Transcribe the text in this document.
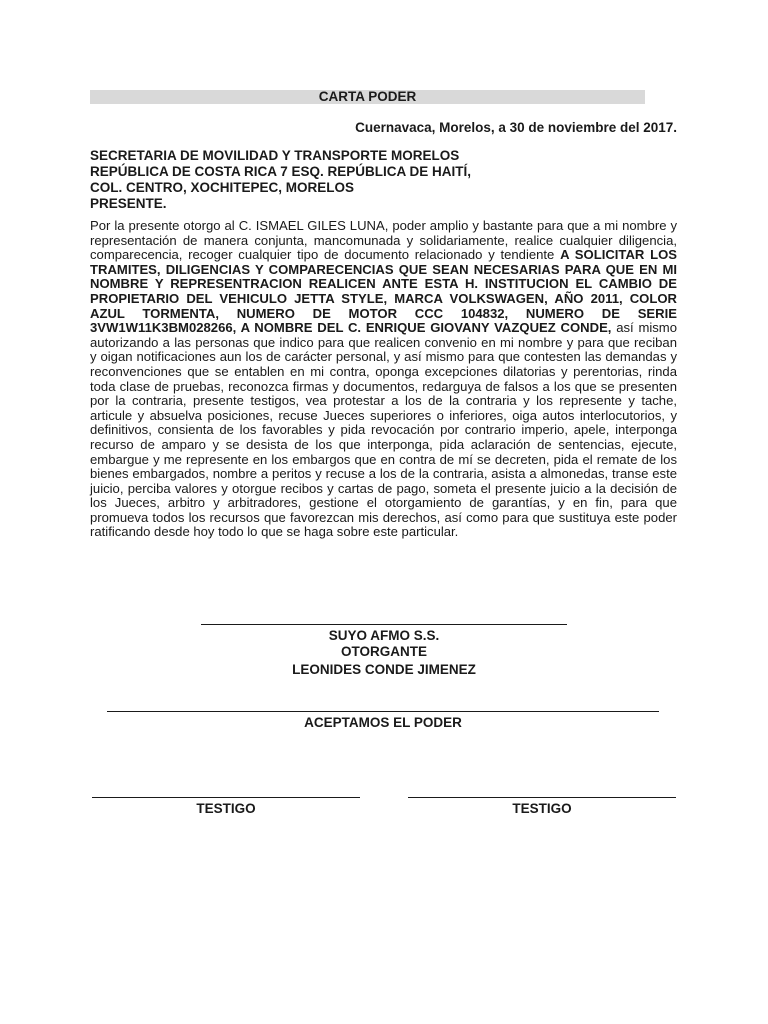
CARTA PODER
Cuernavaca, Morelos, a 30 de noviembre del 2017.
SECRETARIA DE MOVILIDAD Y TRANSPORTE MORELOS
REPÚBLICA DE COSTA RICA 7 ESQ. REPÚBLICA DE HAITÍ,
COL. CENTRO, XOCHITEPEC, MORELOS
PRESENTE.
Por la presente otorgo al C. ISMAEL GILES LUNA, poder amplio y bastante para que a mi nombre y representación de manera conjunta, mancomunada y solidariamente, realice cualquier diligencia, comparecencia, recoger cualquier tipo de documento relacionado y tendiente A SOLICITAR LOS TRAMITES, DILIGENCIAS Y COMPARECENCIAS QUE SEAN NECESARIAS PARA QUE EN MI NOMBRE Y REPRESENTRACION REALICEN ANTE ESTA H. INSTITUCION EL CAMBIO DE PROPIETARIO DEL VEHICULO JETTA STYLE, MARCA VOLKSWAGEN, AÑO 2011, COLOR AZUL TORMENTA, NUMERO DE MOTOR CCC 104832, NUMERO DE SERIE 3VW1W11K3BM028266, A NOMBRE DEL C. ENRIQUE GIOVANY VAZQUEZ CONDE, así mismo autorizando a las personas que indico para que realicen convenio en mi nombre y para que reciban y oigan notificaciones aun los de carácter personal, y así mismo para que contesten las demandas y reconvenciones que se entablen en mi contra, oponga excepciones dilatorias y perentorias, rinda toda clase de pruebas, reconozca firmas y documentos, redarguya de falsos a los que se presenten por la contraria, presente testigos, vea protestar a los de la contraria y los represente y tache, articule y absuelva posiciones, recuse Jueces superiores o inferiores, oiga autos interlocutorios, y definitivos, consienta de los favorables y pida revocación por contrario imperio, apele, interponga recurso de amparo y se desista de los que interponga, pida aclaración de sentencias, ejecute, embargue y me represente en los embargos que en contra de mí se decreten, pida el remate de los bienes embargados, nombre a peritos y recuse a los de la contraria, asista a almonedas, transe este juicio, perciba valores y otorgue recibos y cartas de pago, someta el presente juicio a la decisión de los Jueces, arbitro y arbitradores, gestione el otorgamiento de garantías, y en fin, para que promueva todos los recursos que favorezcan mis derechos, así como para que sustituya este poder ratificando desde hoy todo lo que se haga sobre este particular.
SUYO AFMO S.S.
OTORGANTE
LEONIDES CONDE JIMENEZ
ACEPTAMOS EL PODER
TESTIGO	TESTIGO
